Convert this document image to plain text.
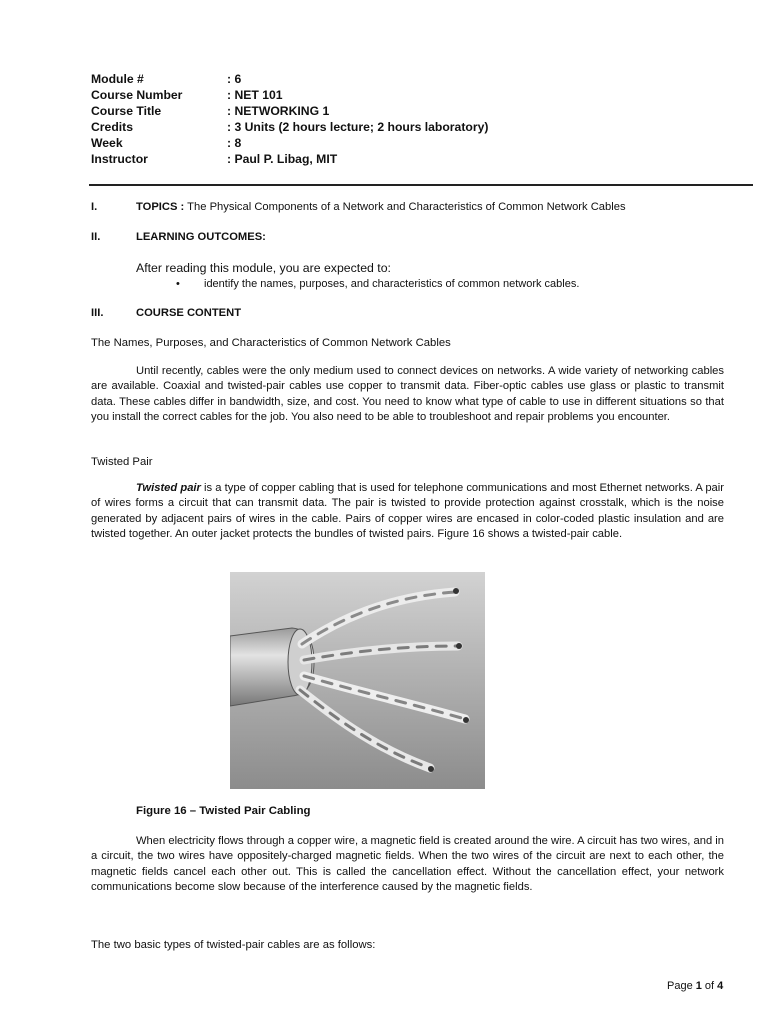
Module #	: 6
Course Number	: NET 101
Course Title	: NETWORKING 1
Credits	: 3 Units (2 hours lecture; 2 hours laboratory)
Week	: 8
Instructor	: Paul P. Libag, MIT
I.	TOPICS : The Physical Components of a Network and Characteristics of Common Network Cables
II.	LEARNING OUTCOMES:
After reading this module, you are expected to:
• identify the names, purposes, and characteristics of common network cables.
III.	COURSE CONTENT
The Names, Purposes, and Characteristics of Common Network Cables
Until recently, cables were the only medium used to connect devices on networks. A wide variety of networking cables are available. Coaxial and twisted-pair cables use copper to transmit data. Fiber-optic cables use glass or plastic to transmit data. These cables differ in bandwidth, size, and cost. You need to know what type of cable to use in different situations so that you install the correct cables for the job. You also need to be able to troubleshoot and repair problems you encounter.
Twisted Pair
Twisted pair is a type of copper cabling that is used for telephone communications and most Ethernet networks. A pair of wires forms a circuit that can transmit data. The pair is twisted to provide protection against crosstalk, which is the noise generated by adjacent pairs of wires in the cable. Pairs of copper wires are encased in color-coded plastic insulation and are twisted together. An outer jacket protects the bundles of twisted pairs. Figure 16 shows a twisted-pair cable.
Figure 16 – Twisted Pair Cabling
When electricity flows through a copper wire, a magnetic field is created around the wire. A circuit has two wires, and in a circuit, the two wires have oppositely-charged magnetic fields. When the two wires of the circuit are next to each other, the magnetic fields cancel each other out. This is called the cancellation effect. Without the cancellation effect, your network communications become slow because of the interference caused by the magnetic fields.
The two basic types of twisted-pair cables are as follows:
Page 1 of 4
